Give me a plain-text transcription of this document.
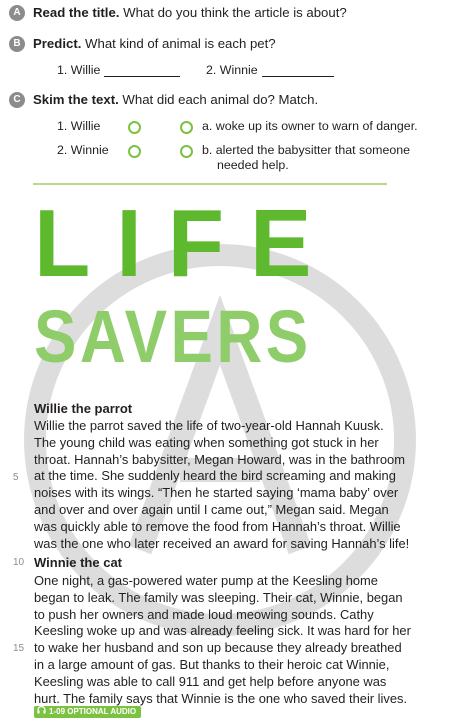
A Read the title. What do you think the article is about?
B Predict. What kind of animal is each pet?
1. Willie	2. Winnie
C Skim the text. What did each animal do? Match.
1. Willie	a. woke up its owner to warn of danger.
2. Winnie	b. alerted the babysitter that someone
needed help.
LIFE
SAVERS
Willie the parrot

Willie the parrot saved the life of two-year-old Hannah Kuusk.

The young child was eating when something got stuck in her

throat. Hannah’s babysitter, Megan Howard, was in the bathroom

at the time. She suddenly heard the bird screaming and making

noises with its wings. “Then he started saying ‘mama baby’ over

and over and over again until I came out,” Megan said. Megan

was quickly able to remove the food from Hannah’s throat. Willie

was the one who later received an award for saving Hannah’s life!

5
10 Winnie the cat

One night, a gas-powered water pump at the Keesling home

began to leak. The family was sleeping. Their cat, Winnie, began

to push her owners and made loud meowing sounds. Cathy

Keesling woke up and was already feeling sick. It was hard for her

to wake her husband and son up because they already breathed

in a large amount of gas. But thanks to their heroic cat Winnie,

Keesling was able to call 911 and get help before anyone was

hurt. The family says that Winnie is the one who saved their lives.

15
1-09 OPTIONAL AUDIO
